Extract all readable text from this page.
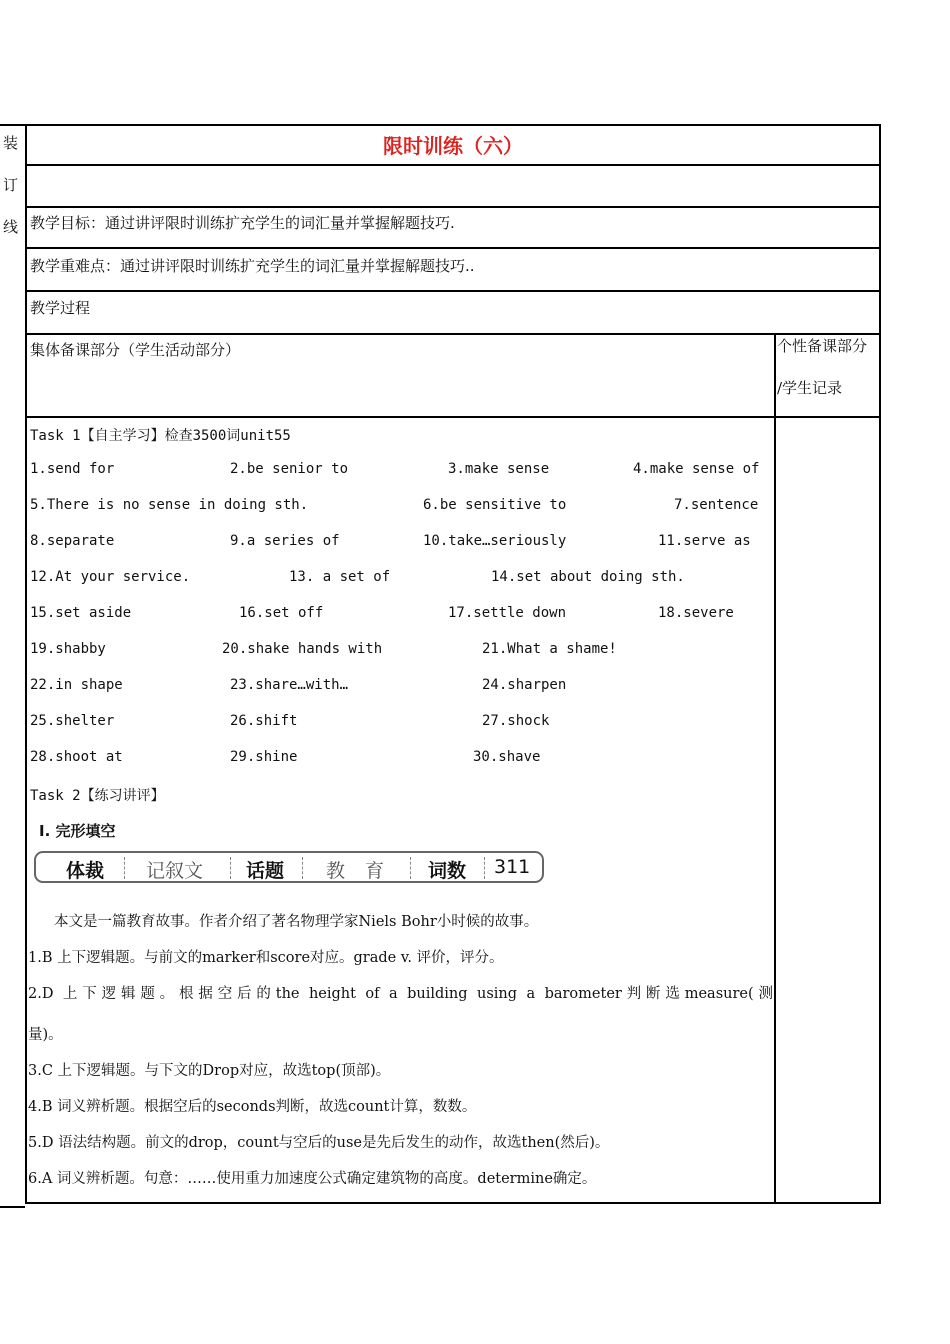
装
订
线
限时训练（六）
教学目标：通过讲评限时训练扩充学生的词汇量并掌握解题技巧.
教学重难点：通过讲评限时训练扩充学生的词汇量并掌握解题技巧..
教学过程
集体备课部分（学生活动部分）	个性备课部分
/学生记录
Task 1【自主学习】检查3500词unit55
1.send for	2.be senior to	3.make sense	4.make sense of
5.There is no sense in doing sth.	6.be sensitive to	7.sentence
8.separate	9.a series of	10.take…seriously	11.serve as
12.At your service.	13. a set of	14.set about doing sth.
15.set aside	16.set off	17.settle down	18.severe
19.shabby	20.shake hands with	21.What a shame!
22.in shape	23.share…with…	24.sharpen
25.shelter	26.shift	27.shock
28.shoot at	29.shine	30.shave
Task 2【练习讲评】
Ⅰ. 完形填空
体裁 记叙文 话题 教 育 词数 311
本文是一篇教育故事。作者介绍了著名物理学家Niels Bohr小时候的故事。
1.B 上下逻辑题。与前文的marker和score对应。grade v. 评价，评分。
2.D 上下逻辑题。根据空后的the height of a building using a barometer判断选measure(测
量)。
3.C 上下逻辑题。与下文的Drop对应，故选top(顶部)。
4.B 词义辨析题。根据空后的seconds判断，故选count计算，数数。
5.D 语法结构题。前文的drop，count与空后的use是先后发生的动作，故选then(然后)。
6.A 词义辨析题。句意：……使用重力加速度公式确定建筑物的高度。determine确定。
